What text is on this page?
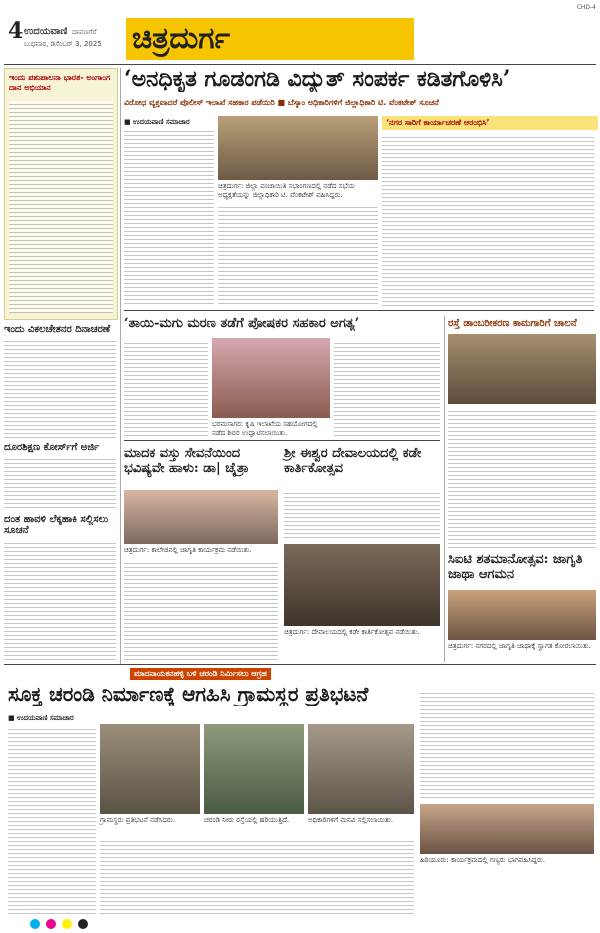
4 ಉದಯವಾಣಿ ದಾವಣಗೆರೆ
ಬುಧವಾರ, ಡಿಸೆಂಬರ್ 3, 2025 ಚಿತ್ರದುರ್ಗ
CHD-4
ಇಂದು ಪಶುಪಾಲನಾ ಭಾರತ- ಅಂಗಾಂಗ ದಾನ ಅಭಿಯಾನ
ಇಂದು ವಿಕಲಚೇತನರ ದಿನಾಚರಣೆ
ದೂರಶಿಕ್ಷಣ ಕೋರ್ಸ್‌ಗೆ ಅರ್ಜಿ
ದಂತ ಹಾವಳಿ ಲೆಕ್ಕಹಾಕಿ ಸಲ್ಲಿಸಲು ಸೂಚನೆ
‘ಅನಧಿಕೃತ ಗೂಡಂಗಡಿ ವಿದ್ಯುತ್ ಸಂಪರ್ಕ ಕಡಿತಗೊಳಿಸಿ’
ವಿರೋಧ ವ್ಯಕ್ತವಾದರೆ ಪೊಲೀಸ್ ಇಲಾಖೆ ಸಹಕಾರ ಪಡೆಯಿರಿ ■ ಬೆಸ್ಕಾಂ ಅಧಿಕಾರಿಗಳಿಗೆ ಜಿಲ್ಲಾಧಿಕಾರಿ ಟಿ. ವೆಂಕಟೇಶ್ ಸೂಚನೆ
■ ಉದಯವಾಣಿ ಸಮಾಚಾರ
ಚಿತ್ರದುರ್ಗ: ಜಿಲ್ಲಾ ಪಂಚಾಯಿತಿ ಸಭಾಂಗಣದಲ್ಲಿ ನಡೆದ ಸಭೆಯ ಅಧ್ಯಕ್ಷತೆಯನ್ನು ಜಿಲ್ಲಾಧಿಕಾರಿ ಟಿ. ವೆಂಕಟೇಶ್ ವಹಿಸಿದ್ದರು.
‘ನಗರ ಸಾರಿಗೆ ಕಾರ್ಯಾಚರಣೆ ಆರಂಭಿಸಿ’
‘ತಾಯಿ-ಮಗು ಮರಣ ತಡೆಗೆ ಪೋಷಕರ ಸಹಕಾರ ಅಗತ್ಯ’
ಭರಮಸಾಗರ: ಕೃಷಿ ಇಲಾಖೆಯ ಸಹಯೋಗದಲ್ಲಿ ನಡೆದ ಶಿಬಿರ ಉದ್ಘಾಟಿಸಲಾಯಿತು.
ರಸ್ತೆ ಡಾಂಬರೀಕರಣ ಕಾಮಗಾರಿಗೆ ಚಾಲನೆ
ಸಿಐಟಿ ಶತಮಾನೋತ್ಸವ: ಜಾಗೃತಿ ಜಾಥಾ ಆಗಮನ
ಚಿತ್ರದುರ್ಗ: ನಗರದಲ್ಲಿ ಜಾಗೃತಿ ಜಾಥಾಕ್ಕೆ ಸ್ವಾಗತ ಕೋರಲಾಯಿತು.
ಮಾದಕ ವಸ್ತು ಸೇವನೆಯಿಂದ ಭವಿಷ್ಯವೇ ಹಾಳು: ಡಾ| ಚೈತ್ರಾ
ಚಿತ್ರದುರ್ಗ: ಕಾಲೇಜಿನಲ್ಲಿ ಜಾಗೃತಿ ಕಾರ್ಯಕ್ರಮ ನಡೆಯಿತು.
ಶ್ರೀ ಈಶ್ವರ ದೇವಾಲಯದಲ್ಲಿ ಕಡೇ ಕಾರ್ತಿಕೋತ್ಸವ
ಚಿತ್ರದುರ್ಗ: ದೇವಾಲಯದಲ್ಲಿ ಕಡೇ ಕಾರ್ತಿಕೋತ್ಸವ ನಡೆಯಿತು.
ಮಾದನಾಯಕನಹಳ್ಳಿ ಬಳಿ ಚರಂಡಿ ನಿರ್ಮಿಸಲು ಆಗ್ರಹ
ಸೂಕ್ತ ಚರಂಡಿ ನಿರ್ಮಾಣಕ್ಕೆ ಆಗಹಿಸಿ ಗ್ರಾಮಸ್ಥರ ಪ್ರತಿಭಟನೆ
■ ಉದಯವಾಣಿ ಸಮಾಚಾರ
ಗ್ರಾಮಸ್ಥರು ಪ್ರತಿಭಟನೆ ನಡೆಸಿದರು.	ಚರಂಡಿ ನೀರು ರಸ್ತೆಯಲ್ಲಿ ಹರಿಯುತ್ತಿದೆ.	ಅಧಿಕಾರಿಗಳಿಗೆ ಮನವಿ ಸಲ್ಲಿಸಲಾಯಿತು.
ಹಿರಿಯೂರು: ಕಾರ್ಯಕ್ರಮದಲ್ಲಿ ಗಣ್ಯರು ಭಾಗವಹಿಸಿದ್ದರು.
